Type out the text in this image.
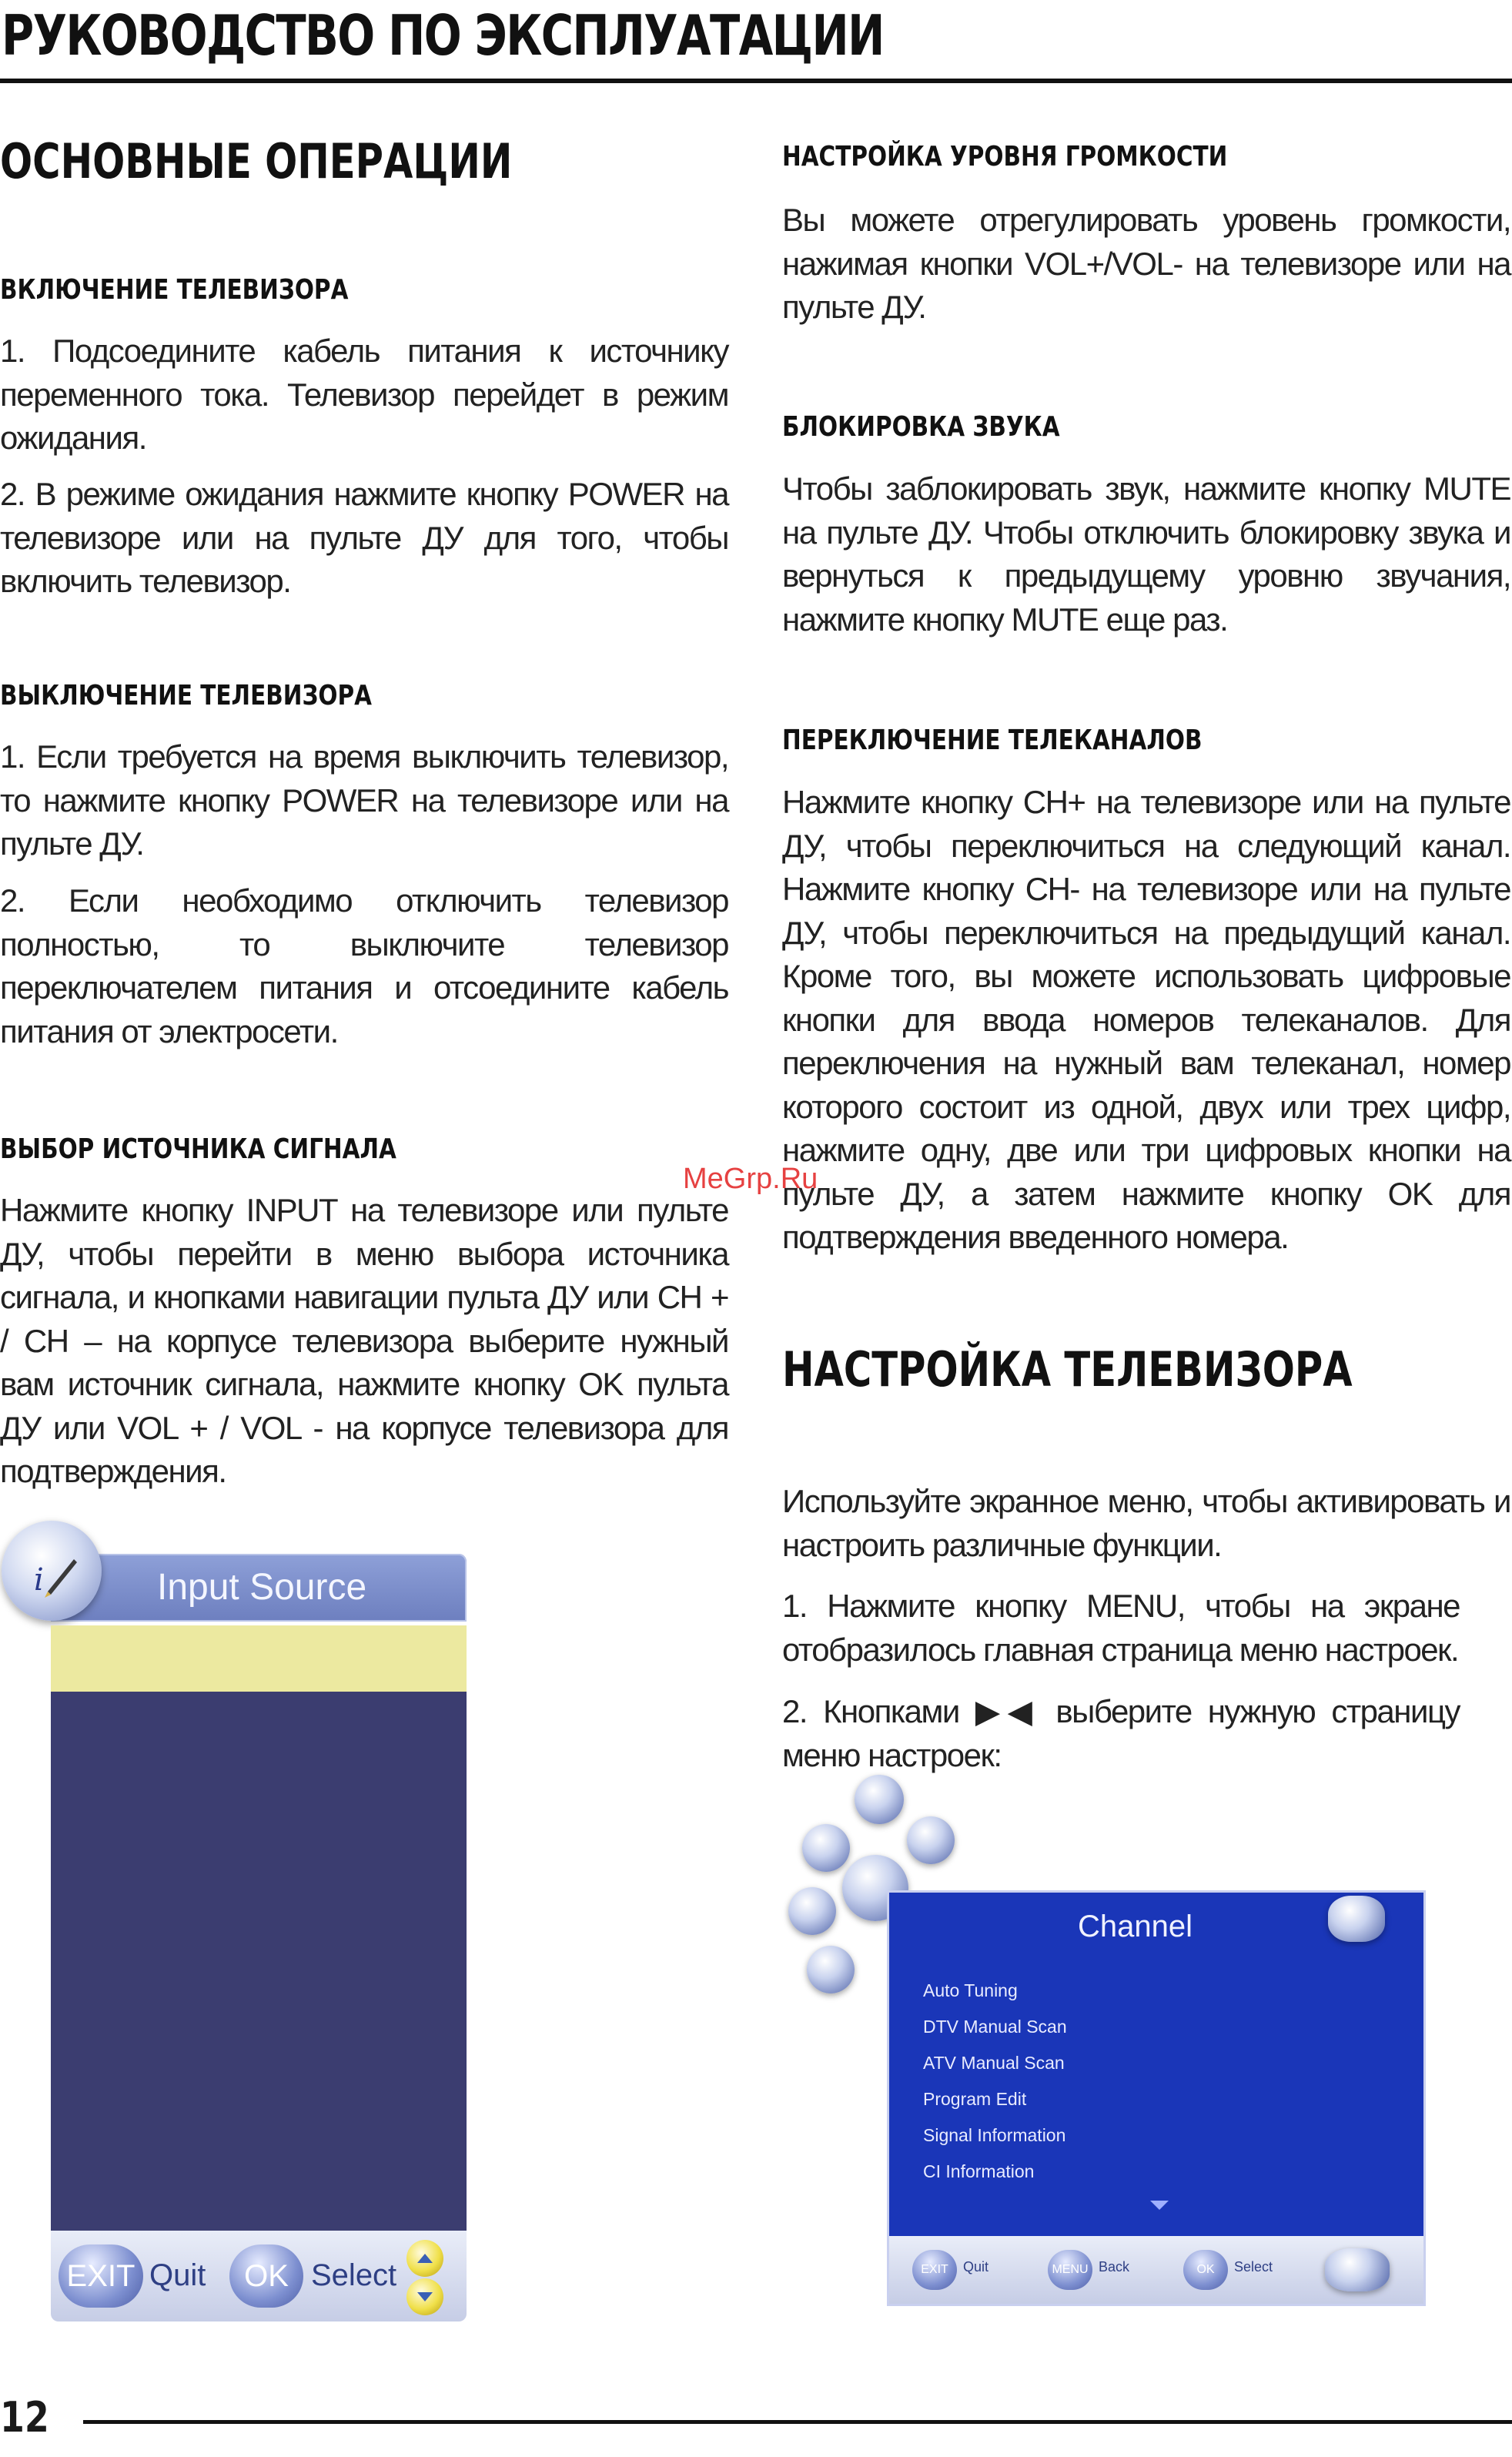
РУКОВОДСТВО ПО ЭКСПЛУАТАЦИИ
ОСНОВНЫЕ ОПЕРАЦИИ
ВКЛЮЧЕНИЕ ТЕЛЕВИЗОРА

1. Подсоедините кабель питания к источнику переменного тока. Телевизор перейдет в режим ожидания.

2. В режиме ожидания нажмите кнопку POWER на телевизоре или на пульте ДУ для того, чтобы включить телевизор.

ВЫКЛЮЧЕНИЕ ТЕЛЕВИЗОРА

1. Если требуется на время выключить телевизор, то нажмите кнопку POWER на телевизоре или на пульте ДУ.

2. Если необходимо отключить телевизор полностью, то выключите телевизор переключателем питания и отсоедините кабель питания от электросети.

ВЫБОР ИСТОЧНИКА СИГНАЛА

Нажмите кнопку INPUT на телевизоре или пульте ДУ, чтобы перейти в меню выбора источника сигнала, и кнопками навигации пульта ДУ или CH + / CH – на корпусе телевизора выберите нужный вам источник сигнала, нажмите кнопку OK пульта ДУ или VOL + / VOL - на корпусе телевизора для подтверждения.

Input Source
i
EXIT Quit	OK Select
НАСТРОЙКА УРОВНЯ ГРОМКОСТИ

Вы можете отрегулировать уровень громкости, нажимая кнопки VOL+/VOL- на телевизоре или на пульте ДУ.

БЛОКИРОВКА ЗВУКА

Чтобы заблокировать звук, нажмите кнопку MUTE на пульте ДУ. Чтобы отключить блокировку звука и вернуться к предыдущему уровню звучания, нажмите кнопку MUTE еще раз.

ПЕРЕКЛЮЧЕНИЕ ТЕЛЕКАНАЛОВ

Нажмите кнопку CH+ на телевизоре или на пульте ДУ, чтобы переключиться на следующий канал. Нажмите кнопку CH- на телевизоре или на пульте ДУ, чтобы переключиться на предыдущий канал. Кроме того, вы можете использовать цифровые кнопки для ввода номеров телеканалов. Для переключения на нужный вам телеканал, номер которого состоит из одной, двух или трех цифр, нажмите одну, две или три цифровых кнопки на пульте ДУ, а затем нажмите кнопку OK для подтверждения введенного номера.

НАСТРОЙКА ТЕЛЕВИЗОРА

Используйте экранное меню, чтобы активировать и настроить различные функции.

1. Нажмите кнопку MENU, чтобы на экране отобразилось главная страница меню настроек.

2. Кнопками ▶◀ выберите нужную страницу меню настроек:

Channel
Auto Tuning
DTV Manual Scan
ATV Manual Scan
Program Edit
Signal Information
CI Information
EXIT	Quit	MENU Back	OK	Select
MeGrp.Ru
12
